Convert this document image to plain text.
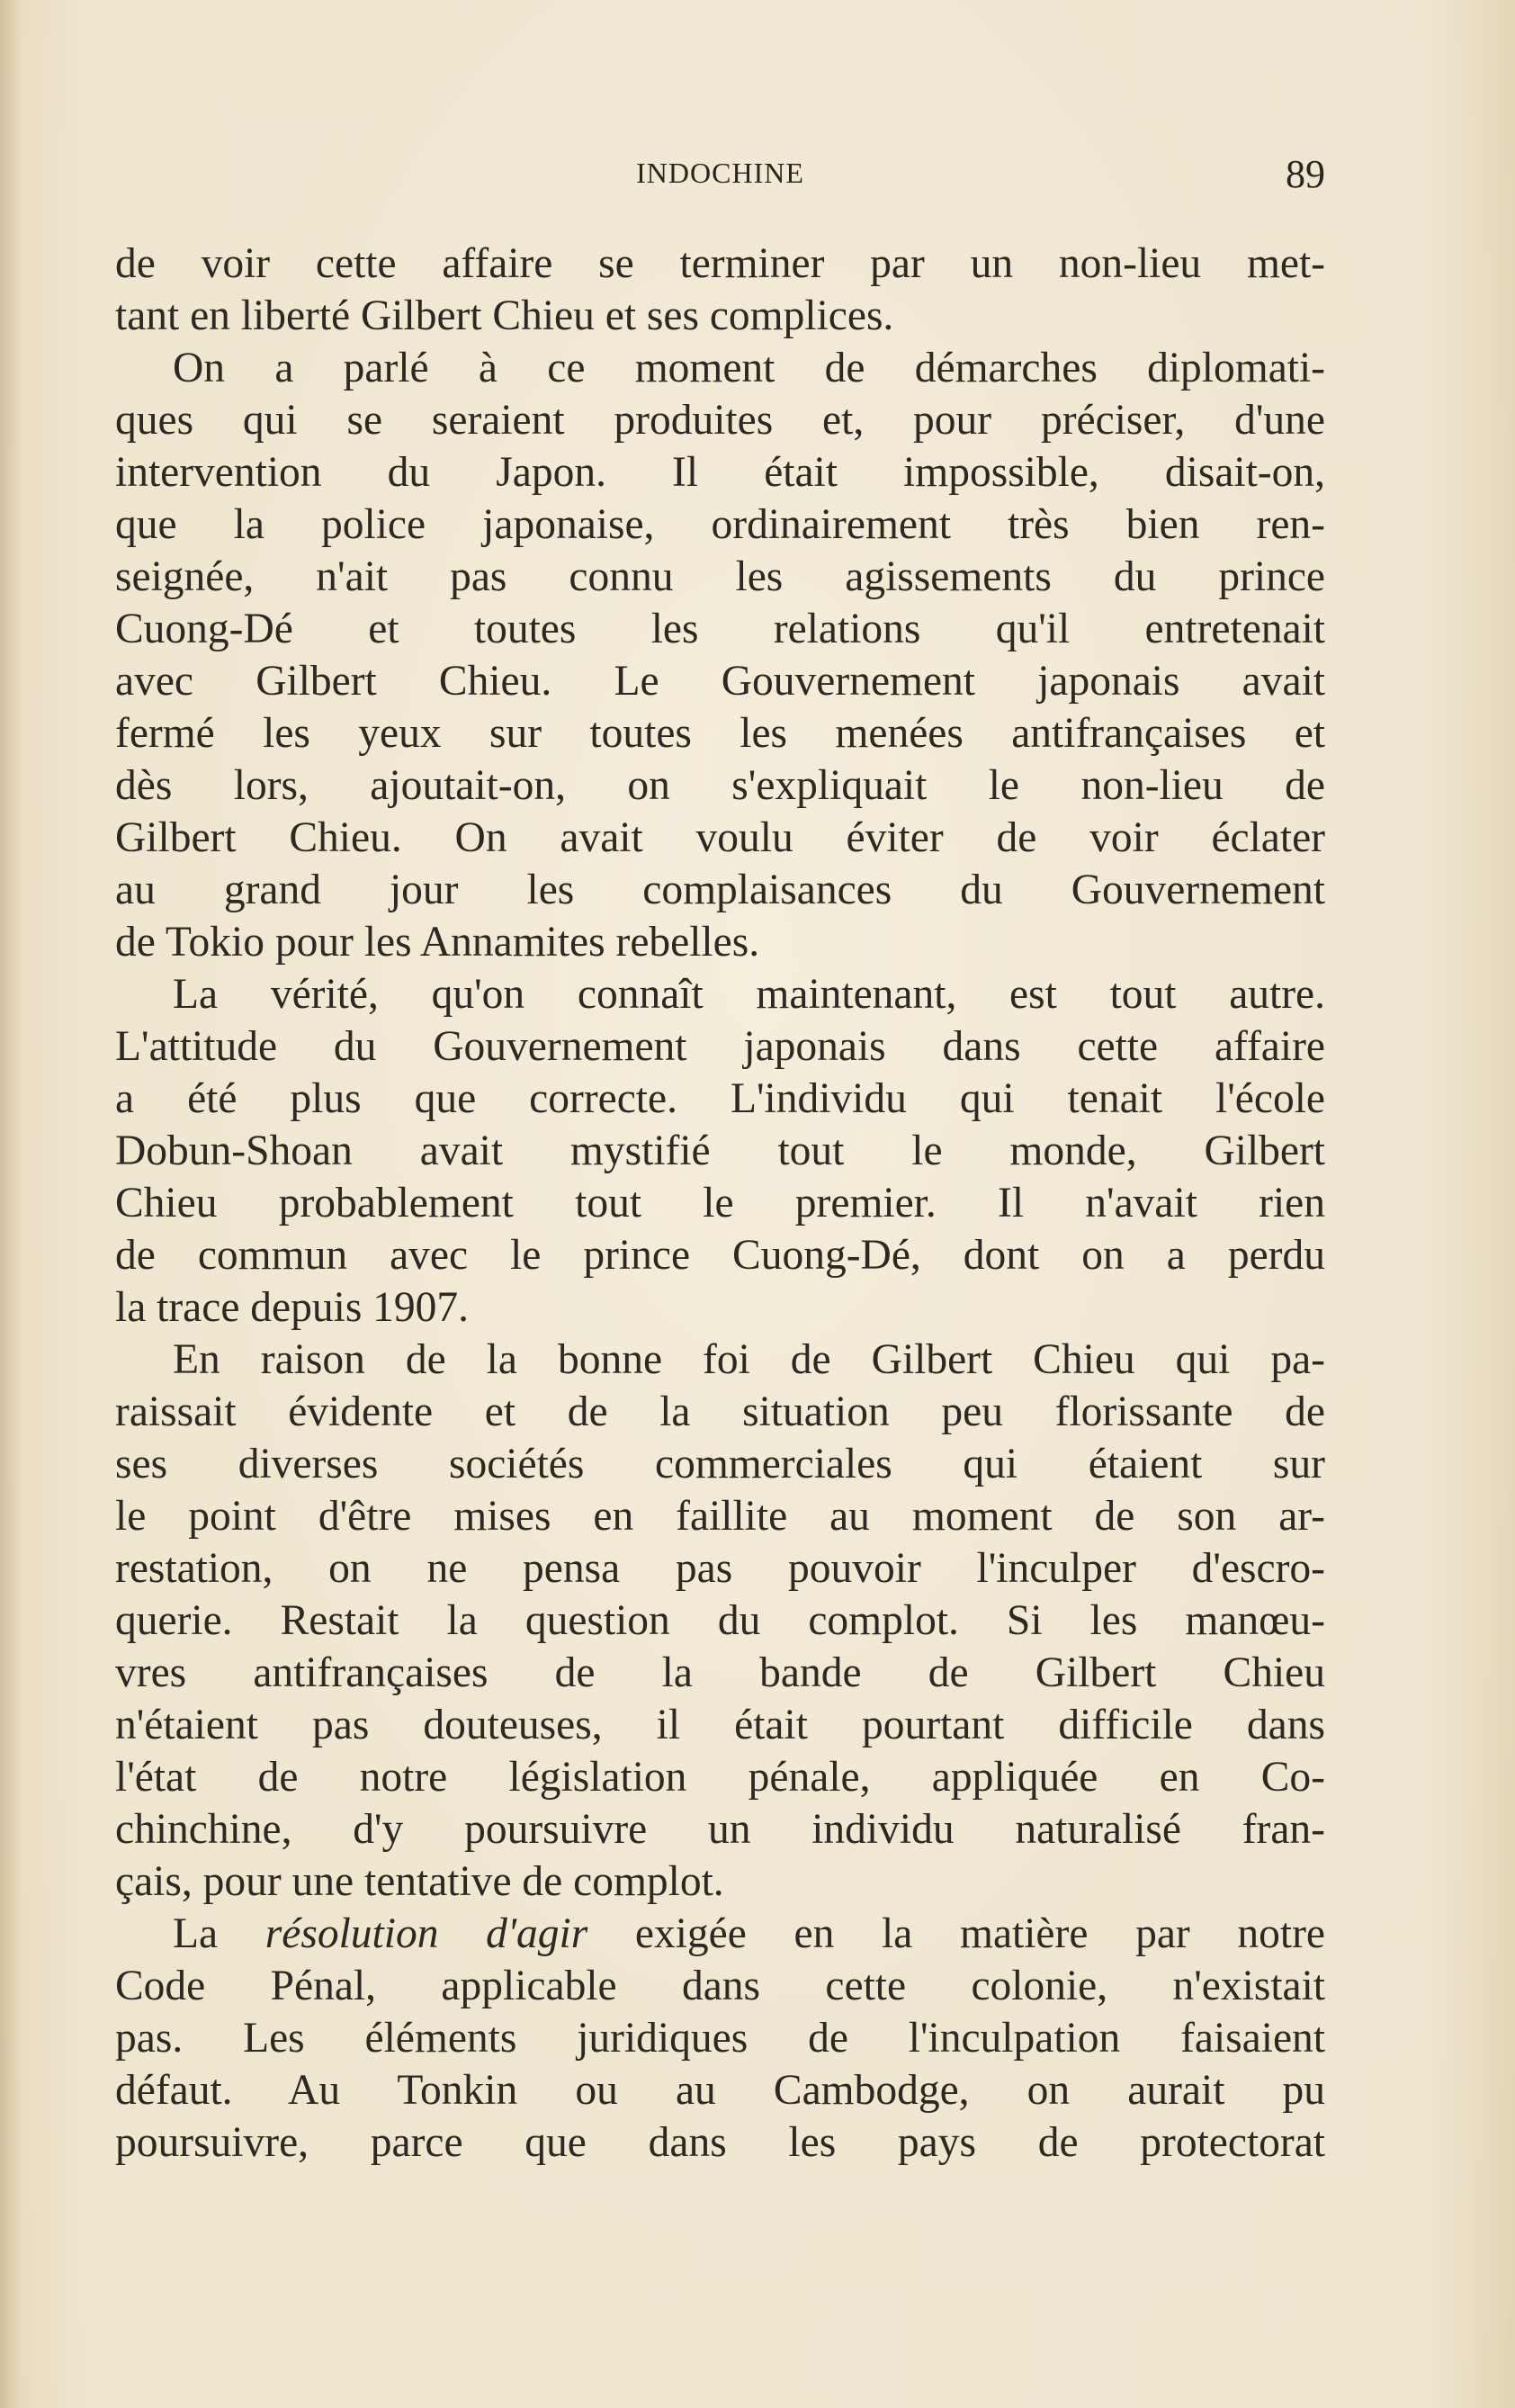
INDOCHINE	89
de voir cette affaire se terminer par un non-lieu met-
tant en liberté Gilbert Chieu et ses complices.
On a parlé à ce moment de démarches diplomati-
ques qui se seraient produites et, pour préciser, d'une
intervention du Japon. Il était impossible, disait-on,
que la police japonaise, ordinairement très bien ren-
seignée, n'ait pas connu les agissements du prince
Cuong-Dé et toutes les relations qu'il entretenait
avec Gilbert Chieu. Le Gouvernement japonais avait
fermé les yeux sur toutes les menées antifrançaises et
dès lors, ajoutait-on, on s'expliquait le non-lieu de
Gilbert Chieu. On avait voulu éviter de voir éclater
au grand jour les complaisances du Gouvernement
de Tokio pour les Annamites rebelles.
La vérité, qu'on connaît maintenant, est tout autre.
L'attitude du Gouvernement japonais dans cette affaire
a été plus que correcte. L'individu qui tenait l'école
Dobun-Shoan avait mystifié tout le monde, Gilbert
Chieu probablement tout le premier. Il n'avait rien
de commun avec le prince Cuong-Dé, dont on a perdu
la trace depuis 1907.
En raison de la bonne foi de Gilbert Chieu qui pa-
raissait évidente et de la situation peu florissante de
ses diverses sociétés commerciales qui étaient sur
le point d'être mises en faillite au moment de son ar-
restation, on ne pensa pas pouvoir l'inculper d'escro-
querie. Restait la question du complot. Si les manœu-
vres antifrançaises de la bande de Gilbert Chieu
n'étaient pas douteuses, il était pourtant difficile dans
l'état de notre législation pénale, appliquée en Co-
chinchine, d'y poursuivre un individu naturalisé fran-
çais, pour une tentative de complot.
La résolution d'agir exigée en la matière par notre
Code Pénal, applicable dans cette colonie, n'existait
pas. Les éléments juridiques de l'inculpation faisaient
défaut. Au Tonkin ou au Cambodge, on aurait pu
poursuivre, parce que dans les pays de protectorat
